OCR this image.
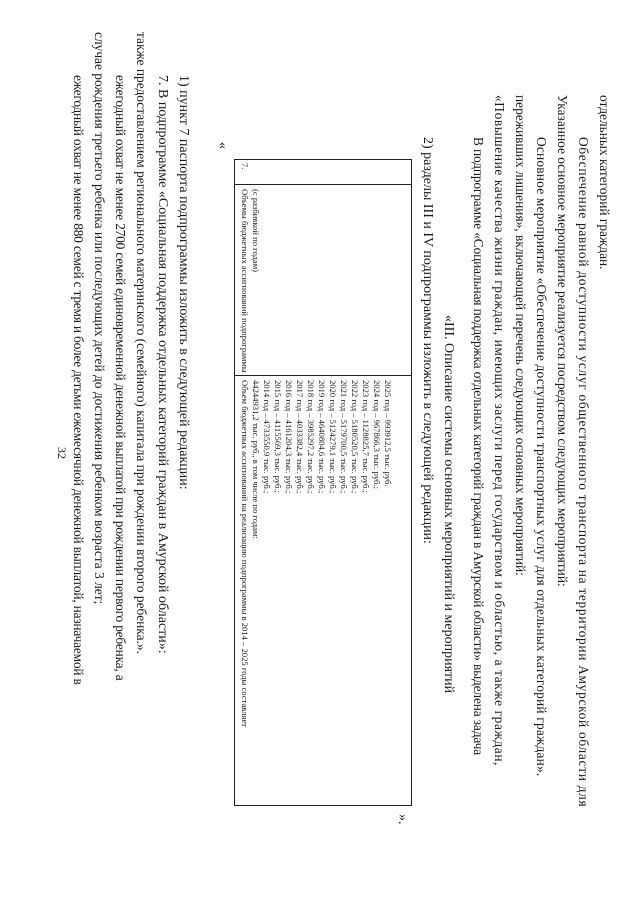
32 ежегодный охват не менее 880 семей с тремя и более детьми ежемесячной денежной выплатой, назначаемой в случае рождения третьего ребенка или последующих детей до достижения ребенком возраста 3 лет; ежегодный охват не менее 2700 семей единовременной денежной выплатой при рождении первого ребенка, а также предоставлением регионального материнского (семейного) капитала при рождении второго ребенка.». 7. В подпрограмме «Социальная поддержка отдельных категорий граждан в Амурской области»: 1) пункт 7 паспорта подпрограммы изложить в следующей редакции: «
7.
Объемы бюджетных ассигнований подпрограммы (с разбивкой по годам)
Объем бюджетных ассигнований на реализацию подпрограммы в 2014 – 2025 годы составляет 44244931,2 тыс. руб., в том числе по годам: 2014 год – 4733550,9 тыс. руб.; 2015 год – 4115569,3 тыс. руб.; 2016 год – 4161204,3 тыс. руб.; 2017 год – 4033382,4 тыс. руб.; 2018 год – 3985297,2 тыс. руб.; 2019 год – 4640804,6 тыс. руб.; 2020 год – 5124279,1 тыс. руб.; 2021 год – 5179700,5 тыс. руб.; 2022 год – 5180520,5 тыс. руб.; 2023 год – 1128825,7 тыс. руб.; 2024 год – 967866,3 тыс. руб.; 2025 год – 993912,5 тыс. руб.
».
2) разделы III и IV подпрограммы изложить в следующей редакции: «III. Описание системы основных мероприятий и мероприятий В подпрограмме «Социальная поддержка отдельных категорий граждан в Амурской области» выделена задача «Повышение качества жизни граждан, имеющих заслуги перед государством и областью, а также граждан, переживших лишения», включающей перечень следующих основных мероприятий: Основное мероприятие «Обеспечение доступности транспортных услуг для отдельных категорий граждан». Указанное основное мероприятие реализуется посредством следующих мероприятий: Обеспечение равной доступности услуг общественного транспорта на территории Амурской области для отдельных категорий граждан.
